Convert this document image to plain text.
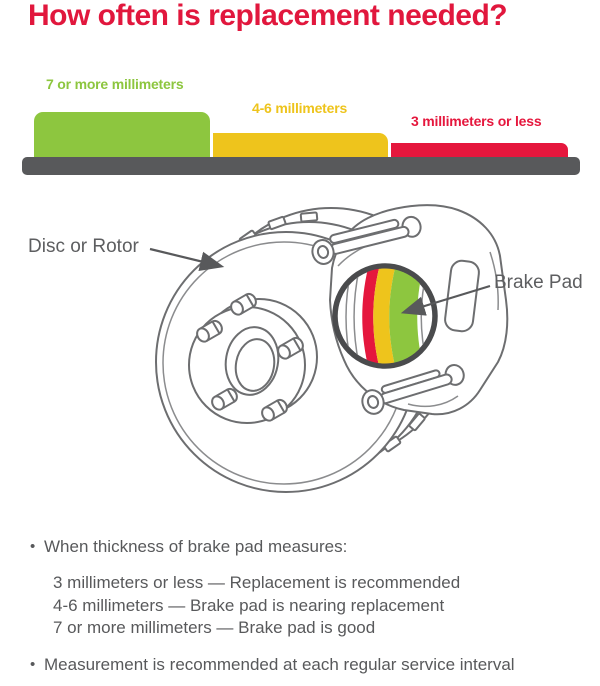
How often is replacement needed?
7 or more millimeters
4-6 millimeters
3 millimeters or less
Disc or Rotor
Brake Pad
• When thickness of brake pad measures:
3 millimeters or less — Replacement is recommended
4-6 millimeters — Brake pad is nearing replacement
7 or more millimeters — Brake pad is good
• Measurement is recommended at each regular service interval
